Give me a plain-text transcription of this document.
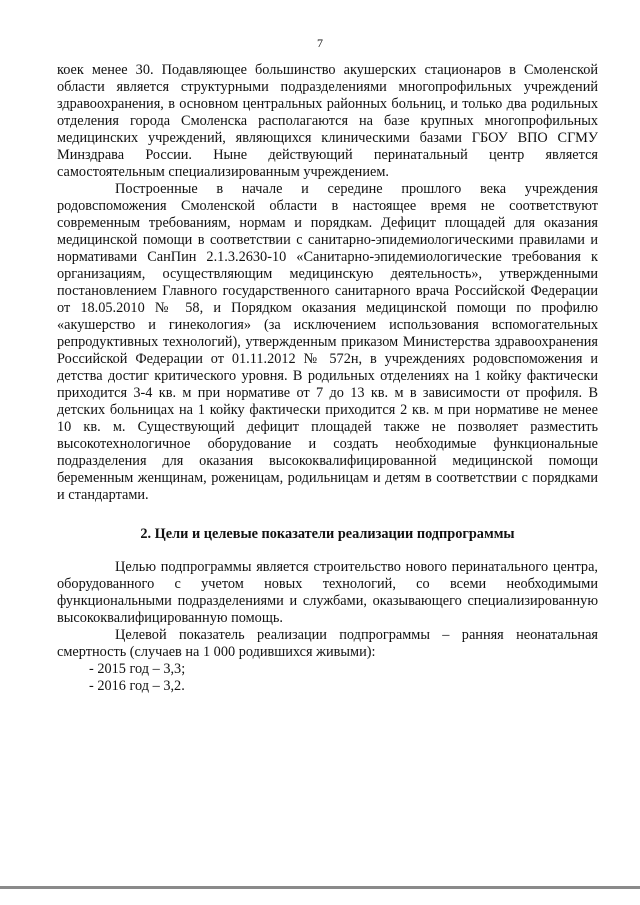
7

коек менее 30. Подавляющее большинство акушерских стационаров в Смоленской области является структурными подразделениями многопрофильных учреждений здравоохранения, в основном центральных районных больниц, и только два родильных отделения города Смоленска располагаются на базе крупных многопрофильных медицинских учреждений, являющихся клиническими базами ГБОУ ВПО СГМУ Минздрава России. Ныне действующий перинатальный центр является самостоятельным специализированным учреждением.

Построенные в начале и середине прошлого века учреждения родовспоможения Смоленской области в настоящее время не соответствуют современным требованиям, нормам и порядкам. Дефицит площадей для оказания медицинской помощи в соответствии с санитарно-эпидемиологическими правилами и нормативами СанПин 2.1.3.2630-10 «Санитарно-эпидемиологические требования к организациям, осуществляющим медицинскую деятельность», утвержденными постановлением Главного государственного санитарного врача Российской Федерации от 18.05.2010 № 58, и Порядком оказания медицинской помощи по профилю «акушерство и гинекология» (за исключением использования вспомогательных репродуктивных технологий), утвержденным приказом Министерства здравоохранения Российской Федерации от 01.11.2012 № 572н, в учреждениях родовспоможения и детства достиг критического уровня. В родильных отделениях на 1 койку фактически приходится 3-4 кв. м при нормативе от 7 до 13 кв. м в зависимости от профиля. В детских больницах на 1 койку фактически приходится 2 кв. м при нормативе не менее 10 кв. м. Существующий дефицит площадей также не позволяет разместить высокотехнологичное оборудование и создать необходимые функциональные подразделения для оказания высококвалифицированной медицинской помощи беременным женщинам, роженицам, родильницам и детям в соответствии с порядками и стандартами.

2. Цели и целевые показатели реализации подпрограммы

Целью подпрограммы является строительство нового перинатального центра, оборудованного с учетом новых технологий, со всеми необходимыми функциональными подразделениями и службами, оказывающего специализированную высококвалифицированную помощь.

Целевой показатель реализации подпрограммы – ранняя неонатальная смертность (случаев на 1 000 родившихся живыми):

- 2015 год – 3,3;
- 2016 год – 3,2.
